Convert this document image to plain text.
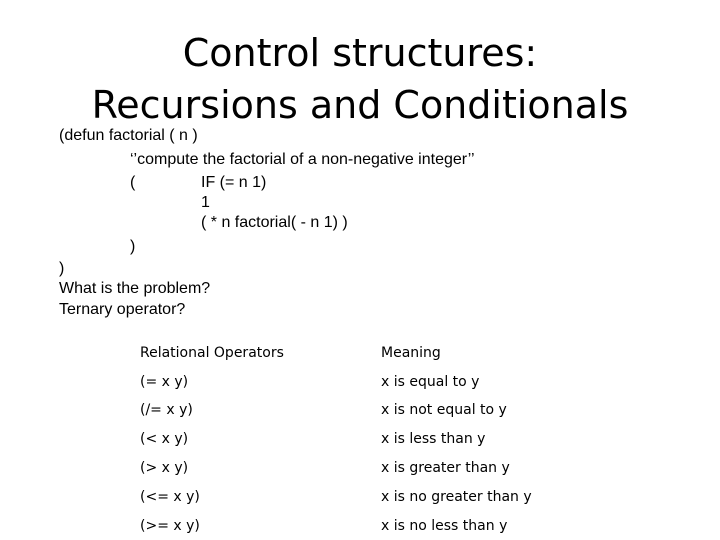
Control structures:
Recursions and Conditionals
(defun factorial ( n )
‘’compute the factorial of a non-negative integer’’
(	IF (= n 1)
1
( * n factorial( - n 1) )
)
)
What is the problem?
Ternary operator?
Relational Operators	Meaning
(= x y)	x is equal to y
(/= x y)	x is not equal to y
(< x y)	x is less than y
(> x y)	x is greater than y
(<= x y)	x is no greater than y
(>= x y)	x is no less than y
